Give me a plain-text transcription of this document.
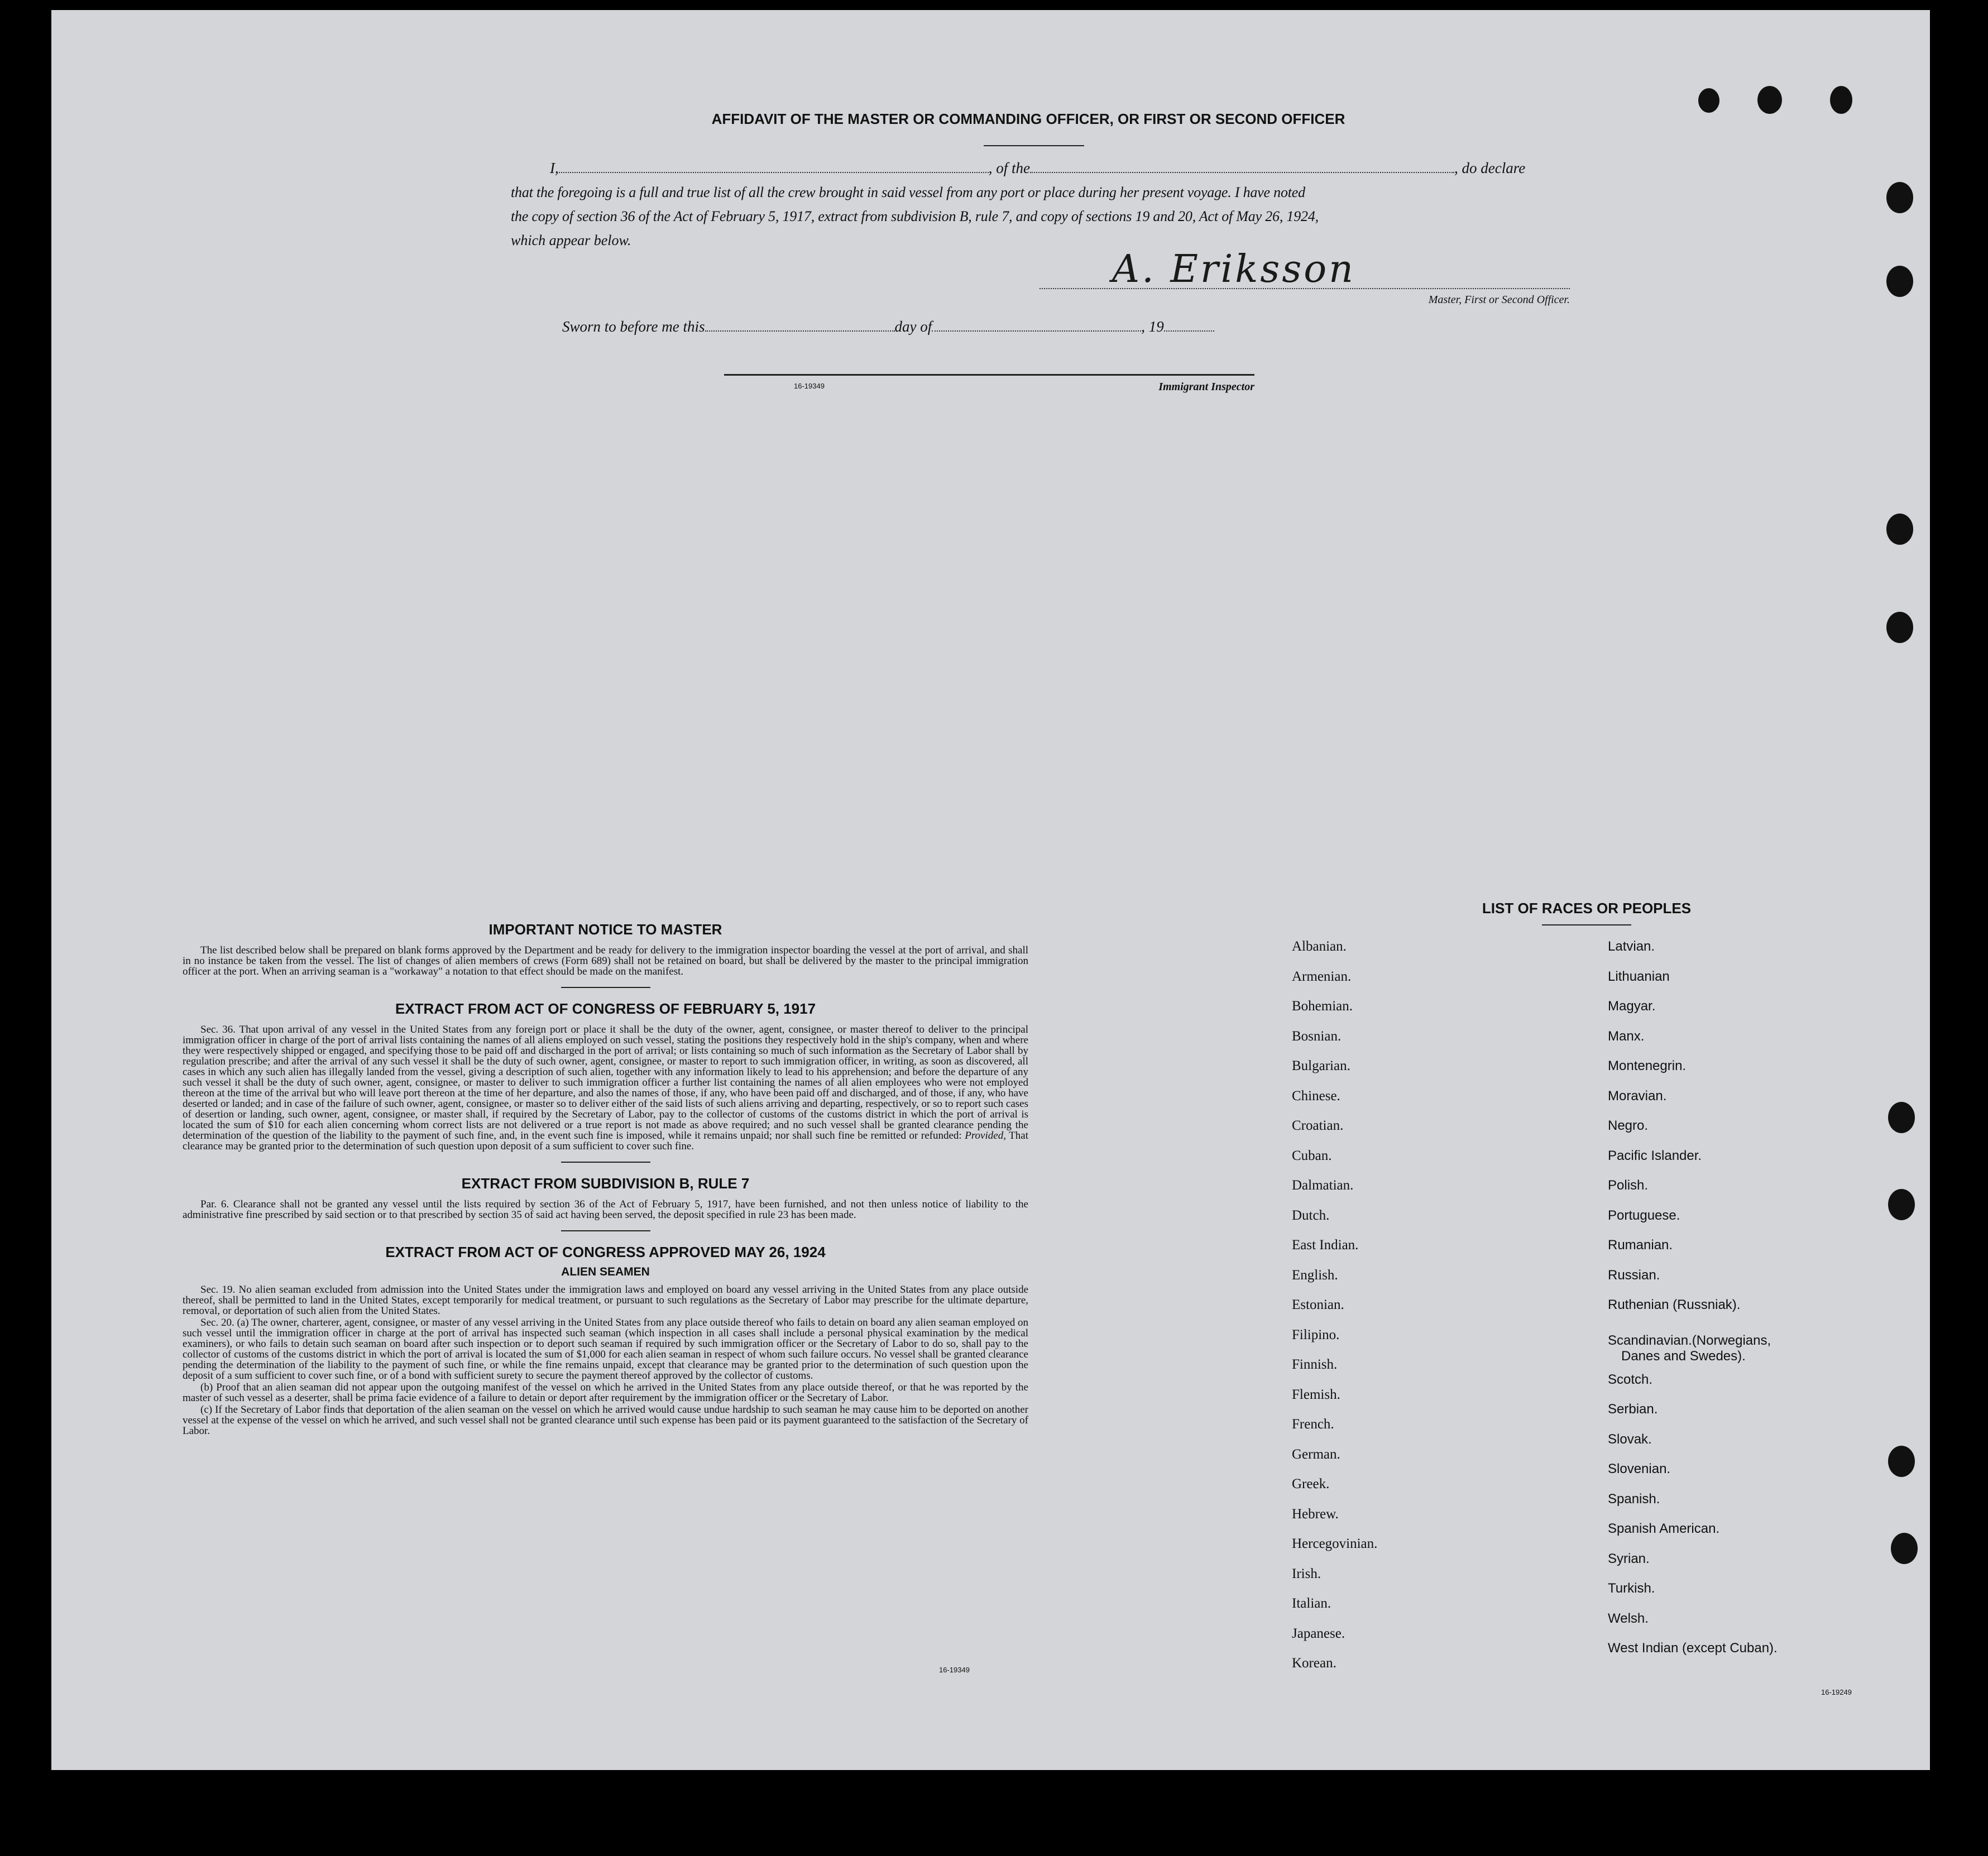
AFFIDAVIT OF THE MASTER OR COMMANDING OFFICER, OR FIRST OR SECOND OFFICER
I,	, of the	, do declare
that the foregoing is a full and true list of all the crew brought in said vessel from any port or place during her present voyage. I have noted
the copy of section 36 of the Act of February 5, 1917, extract from subdivision B, rule 7, and copy of sections 19 and 20, Act of May 26, 1924,
which appear below.
A. Eriksson
Master, First or Second Officer.
Sworn to before me this	day of	, 19
16-19349	Immigrant Inspector
IMPORTANT NOTICE TO MASTER

The list described below shall be prepared on blank forms approved by the Department and be ready for delivery to the immigration inspector boarding the vessel at the port of arrival, and shall in no instance be taken from the vessel. The list of changes of alien members of crews (Form 689) shall not be retained on board, but shall be delivered by the master to the principal immigration officer at the port. When an arriving seaman is a "workaway" a notation to that effect should be made on the manifest.

EXTRACT FROM ACT OF CONGRESS OF FEBRUARY 5, 1917

Sec. 36. That upon arrival of any vessel in the United States from any foreign port or place it shall be the duty of the owner, agent, consignee, or master thereof to deliver to the principal immigration officer in charge of the port of arrival lists containing the names of all aliens employed on such vessel, stating the positions they respectively hold in the ship's company, when and where they were respectively shipped or engaged, and specifying those to be paid off and discharged in the port of arrival; or lists containing so much of such information as the Secretary of Labor shall by regulation prescribe; and after the arrival of any such vessel it shall be the duty of such owner, agent, consignee, or master to report to such immigration officer, in writing, as soon as discovered, all cases in which any such alien has illegally landed from the vessel, giving a description of such alien, together with any information likely to lead to his apprehension; and before the departure of any such vessel it shall be the duty of such owner, agent, consignee, or master to deliver to such immigration officer a further list containing the names of all alien employees who were not employed thereon at the time of the arrival but who will leave port thereon at the time of her departure, and also the names of those, if any, who have been paid off and discharged, and of those, if any, who have deserted or landed; and in case of the failure of such owner, agent, consignee, or master so to deliver either of the said lists of such aliens arriving and departing, respectively, or so to report such cases of desertion or landing, such owner, agent, consignee, or master shall, if required by the Secretary of Labor, pay to the collector of customs of the customs district in which the port of arrival is located the sum of $10 for each alien concerning whom correct lists are not delivered or a true report is not made as above required; and no such vessel shall be granted clearance pending the determination of the question of the liability to the payment of such fine, and, in the event such fine is imposed, while it remains unpaid; nor shall such fine be remitted or refunded: Provided, That clearance may be granted prior to the determination of such question upon deposit of a sum sufficient to cover such fine.

EXTRACT FROM SUBDIVISION B, RULE 7

Par. 6. Clearance shall not be granted any vessel until the lists required by section 36 of the Act of February 5, 1917, have been furnished, and not then unless notice of liability to the administrative fine prescribed by said section or to that prescribed by section 35 of said act having been served, the deposit specified in rule 23 has been made.

EXTRACT FROM ACT OF CONGRESS APPROVED MAY 26, 1924
ALIEN SEAMEN

Sec. 19. No alien seaman excluded from admission into the United States under the immigration laws and employed on board any vessel arriving in the United States from any place outside thereof, shall be permitted to land in the United States, except temporarily for medical treatment, or pursuant to such regulations as the Secretary of Labor may prescribe for the ultimate departure, removal, or deportation of such alien from the United States.

Sec. 20. (a) The owner, charterer, agent, consignee, or master of any vessel arriving in the United States from any place outside thereof who fails to detain on board any alien seaman employed on such vessel until the immigration officer in charge at the port of arrival has inspected such seaman (which inspection in all cases shall include a personal physical examination by the medical examiners), or who fails to detain such seaman on board after such inspection or to deport such seaman if required by such immigration officer or the Secretary of Labor to do so, shall pay to the collector of customs of the customs district in which the port of arrival is located the sum of $1,000 for each alien seaman in respect of whom such failure occurs. No vessel shall be granted clearance pending the determination of the liability to the payment of such fine, or while the fine remains unpaid, except that clearance may be granted prior to the determination of such question upon the deposit of a sum sufficient to cover such fine, or of a bond with sufficient surety to secure the payment thereof approved by the collector of customs.

(b) Proof that an alien seaman did not appear upon the outgoing manifest of the vessel on which he arrived in the United States from any place outside thereof, or that he was reported by the master of such vessel as a deserter, shall be prima facie evidence of a failure to detain or deport after requirement by the immigration officer or the Secretary of Labor.

(c) If the Secretary of Labor finds that deportation of the alien seaman on the vessel on which he arrived would cause undue hardship to such seaman he may cause him to be deported on another vessel at the expense of the vessel on which he arrived, and such vessel shall not be granted clearance until such expense has been paid or its payment guaranteed to the satisfaction of the Secretary of Labor.

16-19349
LIST OF RACES OR PEOPLES
Albanian.
Armenian.
Bohemian.
Bosnian.
Bulgarian.
Chinese.
Croatian.
Cuban.
Dalmatian.
Dutch.
East Indian.
English.
Estonian.
Filipino.
Finnish.
Flemish.
French.
German.
Greek.
Hebrew.
Hercegovinian.
Irish.
Italian.
Japanese.
Korean.
Latvian.
Lithuanian
Magyar.
Manx.
Montenegrin.
Moravian.
Negro.
Pacific Islander.
Polish.
Portuguese.
Rumanian.
Russian.
Ruthenian (Russniak).
Scandinavian.(Norwegians,
Danes and Swedes).
Scotch.
Serbian.
Slovak.
Slovenian.
Spanish.
Spanish American.
Syrian.
Turkish.
Welsh.
West Indian (except Cuban).
16-19249
